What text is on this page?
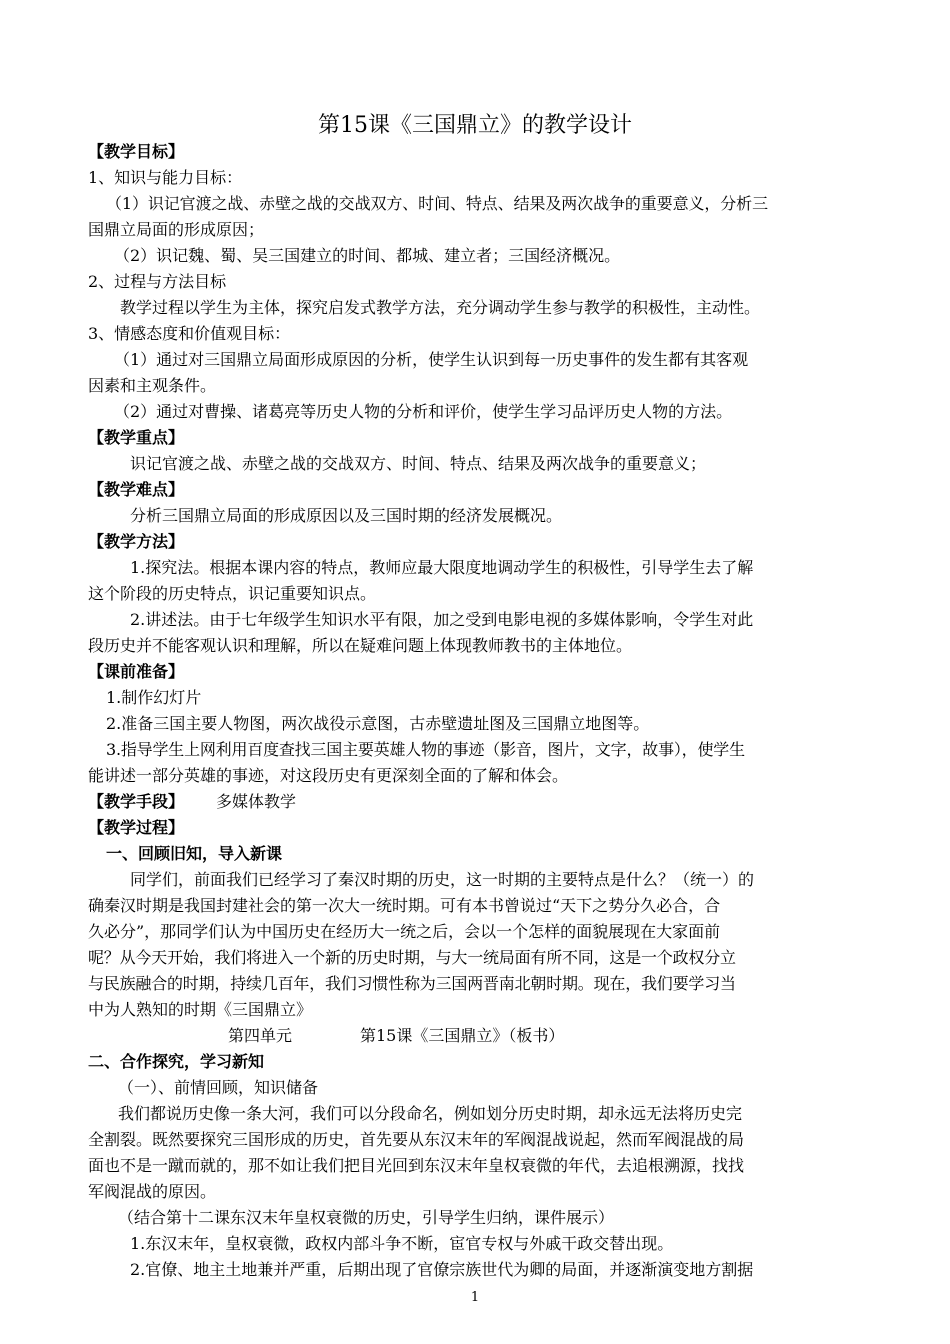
第15课《三国鼎立》的教学设计
【教学目标】
1、知识与能力目标：
（1）识记官渡之战、赤壁之战的交战双方、时间、特点、结果及两次战争的重要意义，分析三
国鼎立局面的形成原因；
（2）识记魏、蜀、吴三国建立的时间、都城、建立者；三国经济概况。
2、过程与方法目标
教学过程以学生为主体，探究启发式教学方法，充分调动学生参与教学的积极性，主动性。
3、情感态度和价值观目标：
（1）通过对三国鼎立局面形成原因的分析，使学生认识到每一历史事件的发生都有其客观
因素和主观条件。
（2）通过对曹操、诸葛亮等历史人物的分析和评价，使学生学习品评历史人物的方法。
【教学重点】
识记官渡之战、赤壁之战的交战双方、时间、特点、结果及两次战争的重要意义；
【教学难点】
分析三国鼎立局面的形成原因以及三国时期的经济发展概况。
【教学方法】
1.探究法。根据本课内容的特点，教师应最大限度地调动学生的积极性，引导学生去了解
这个阶段的历史特点，识记重要知识点。
2.讲述法。由于七年级学生知识水平有限，加之受到电影电视的多媒体影响，令学生对此
段历史并不能客观认识和理解，所以在疑难问题上体现教师教书的主体地位。
【课前准备】
1.制作幻灯片
2.准备三国主要人物图，两次战役示意图，古赤壁遗址图及三国鼎立地图等。
3.指导学生上网利用百度查找三国主要英雄人物的事迹（影音，图片，文字，故事），使学生
能讲述一部分英雄的事迹，对这段历史有更深刻全面的了解和体会。
【教学手段】 多媒体教学
【教学过程】
一、回顾旧知，导入新课
同学们，前面我们已经学习了秦汉时期的历史，这一时期的主要特点是什么？（统一）的
确秦汉时期是我国封建社会的第一次大一统时期。可有本书曾说过“天下之势分久必合，合
久必分”，那同学们认为中国历史在经历大一统之后，会以一个怎样的面貌展现在大家面前
呢？从今天开始，我们将进入一个新的历史时期，与大一统局面有所不同，这是一个政权分立
与民族融合的时期，持续几百年，我们习惯性称为三国两晋南北朝时期。现在，我们要学习当
中为人熟知的时期《三国鼎立》
第四单元	第15课《三国鼎立》（板书）
二、合作探究，学习新知
（一）、前情回顾，知识储备
我们都说历史像一条大河，我们可以分段命名，例如划分历史时期，却永远无法将历史完
全割裂。既然要探究三国形成的历史，首先要从东汉末年的军阀混战说起，然而军阀混战的局
面也不是一蹴而就的，那不如让我们把目光回到东汉末年皇权衰微的年代，去追根溯源，找找
军阀混战的原因。
（结合第十二课东汉末年皇权衰微的历史，引导学生归纳，课件展示）
1.东汉末年，皇权衰微，政权内部斗争不断，宦官专权与外戚干政交替出现。
2.官僚、地主土地兼并严重，后期出现了官僚宗族世代为卿的局面，并逐渐演变地方割据
1
